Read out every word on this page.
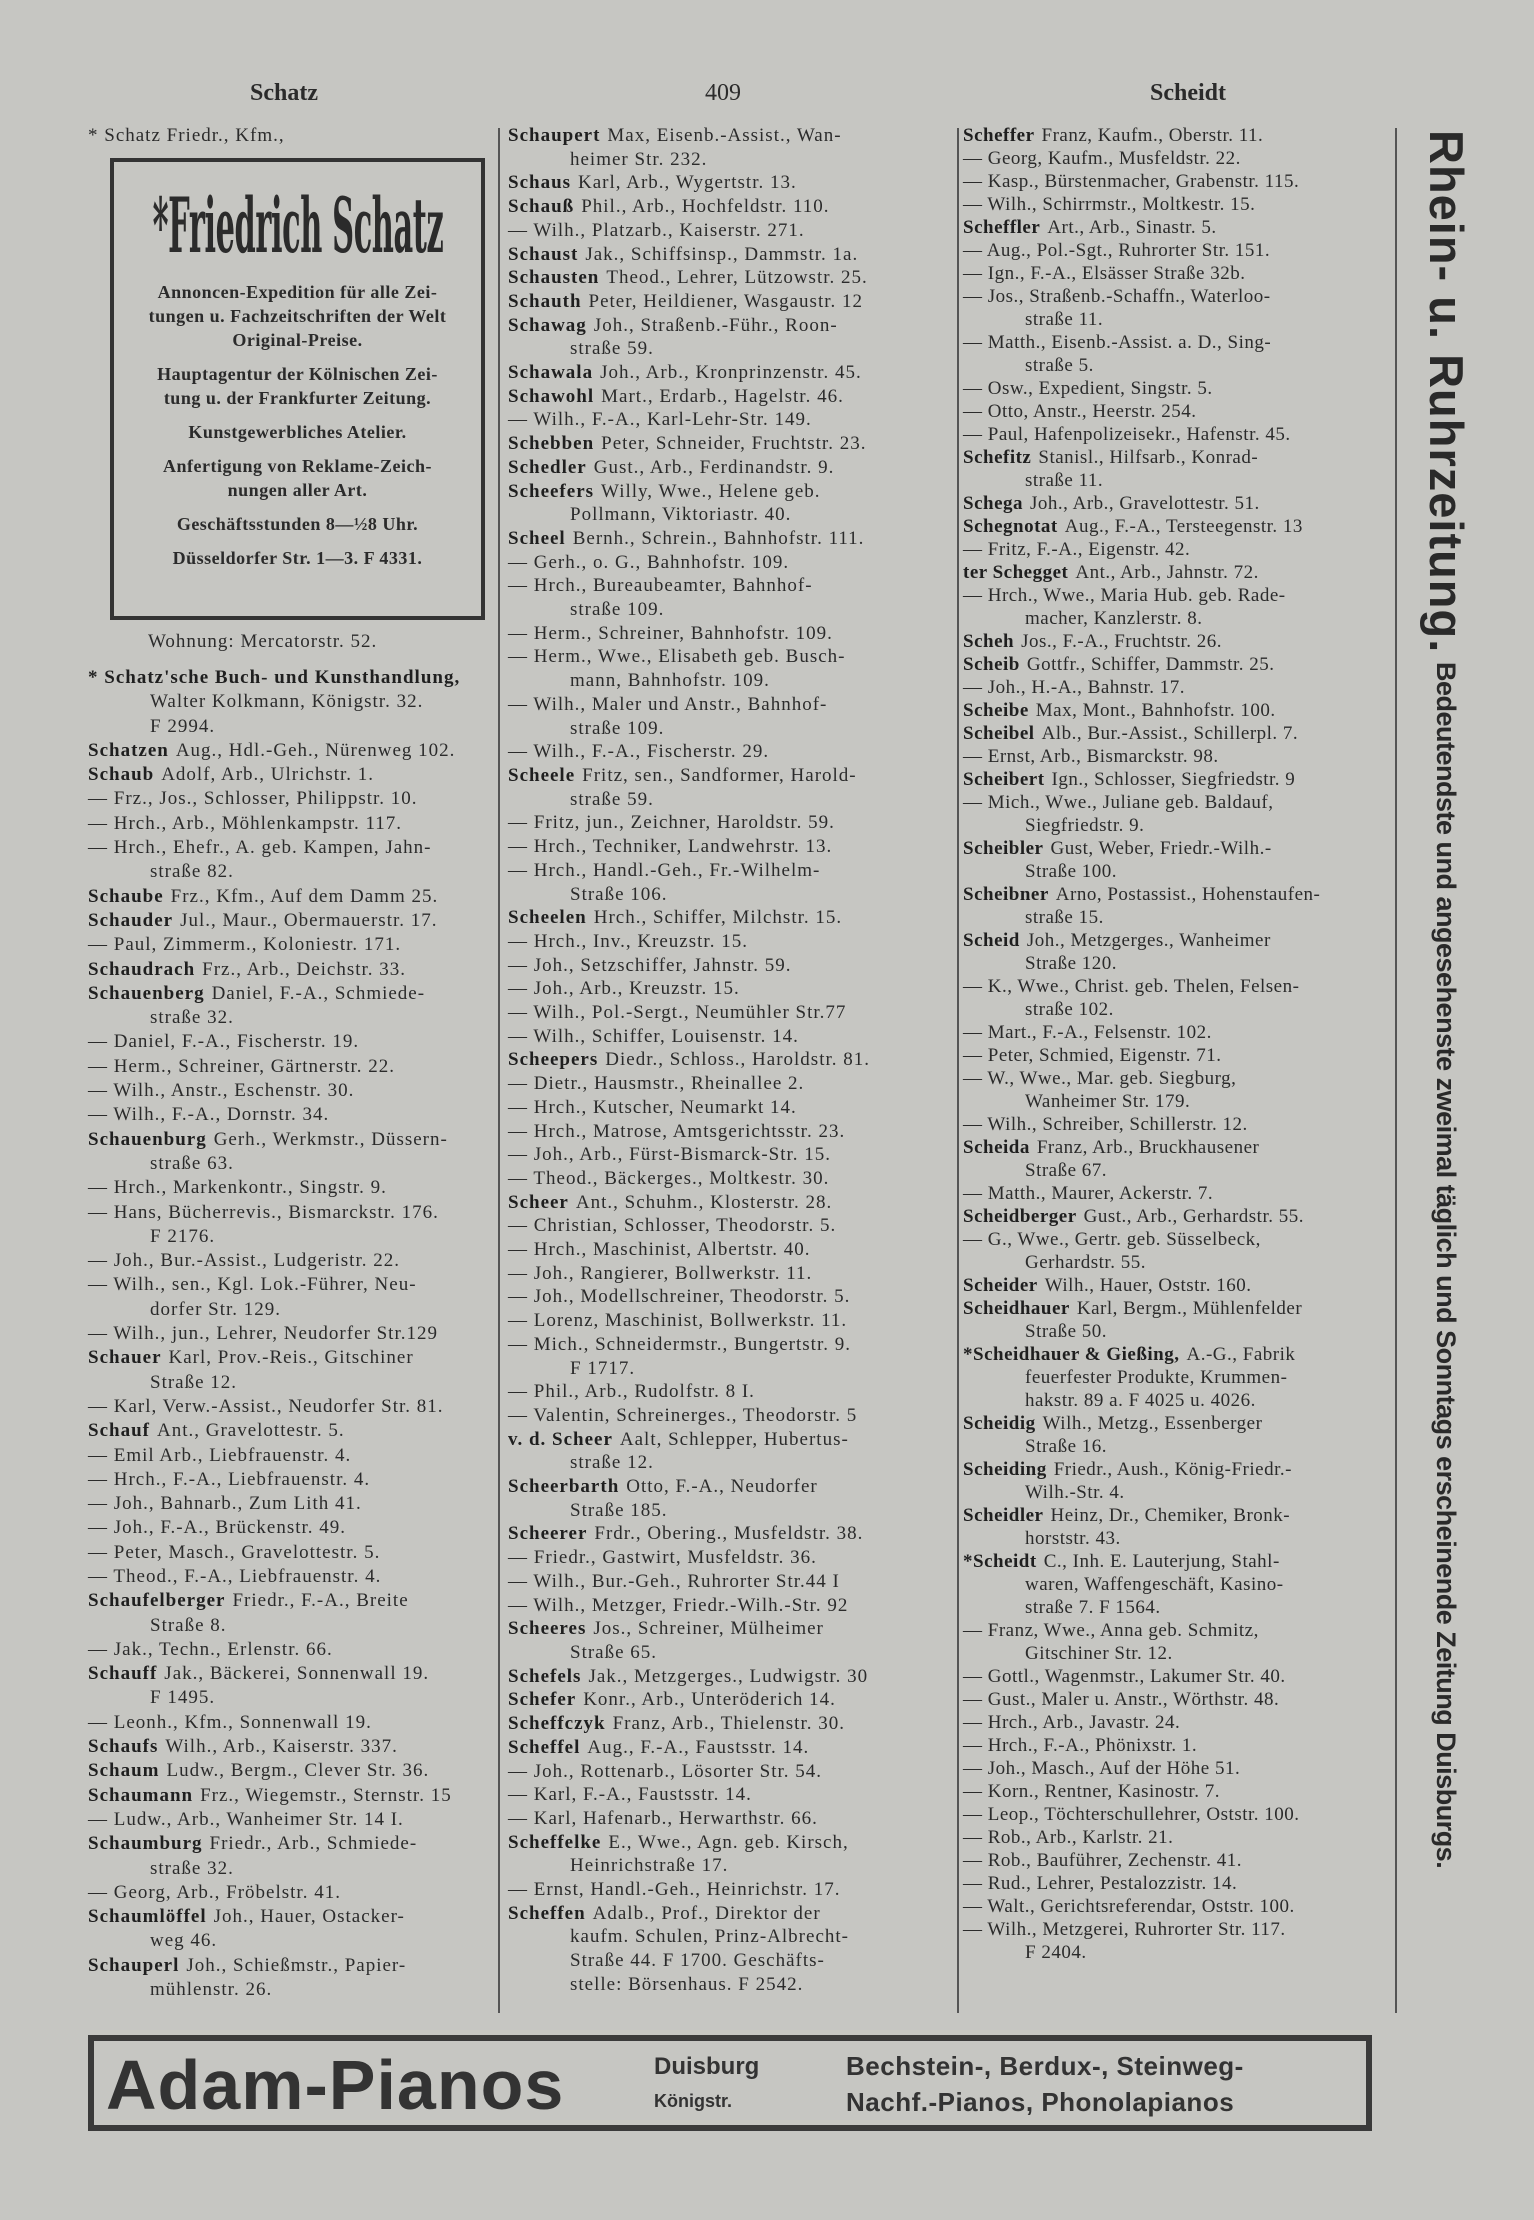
Schatz	409	Scheidt
* Schatz Friedr., Kfm.,
*Friedrich Schatz
Annoncen-Expedition für alle Zei-
tungen u. Fachzeitschriften der Welt
Original-Preise.
Hauptagentur der Kölnischen Zei-
tung u. der Frankfurter Zeitung.
Kunstgewerbliches Atelier.
Anfertigung von Reklame-Zeich-
nungen aller Art.
Geschäftsstunden 8—½8 Uhr.
Düsseldorfer Str. 1—3. F 4331.
Wohnung: Mercatorstr. 52.
* Schatz'sche Buch- und Kunsthandlung,
Walter Kolkmann, Königstr. 32.
F 2994.
Schatzen Aug., Hdl.-Geh., Nürenweg 102.
Schaub Adolf, Arb., Ulrichstr. 1.
— Frz., Jos., Schlosser, Philippstr. 10.
— Hrch., Arb., Möhlenkampstr. 117.
— Hrch., Ehefr., A. geb. Kampen, Jahn-
straße 82.
Schaube Frz., Kfm., Auf dem Damm 25.
Schauder Jul., Maur., Obermauerstr. 17.
— Paul, Zimmerm., Koloniestr. 171.
Schaudrach Frz., Arb., Deichstr. 33.
Schauenberg Daniel, F.-A., Schmiede-
straße 32.
— Daniel, F.-A., Fischerstr. 19.
— Herm., Schreiner, Gärtnerstr. 22.
— Wilh., Anstr., Eschenstr. 30.
— Wilh., F.-A., Dornstr. 34.
Schauenburg Gerh., Werkmstr., Düssern-
straße 63.
— Hrch., Markenkontr., Singstr. 9.
— Hans, Bücherrevis., Bismarckstr. 176.
F 2176.
— Joh., Bur.-Assist., Ludgeristr. 22.
— Wilh., sen., Kgl. Lok.-Führer, Neu-
dorfer Str. 129.
— Wilh., jun., Lehrer, Neudorfer Str.129
Schauer Karl, Prov.-Reis., Gitschiner
Straße 12.
— Karl, Verw.-Assist., Neudorfer Str. 81.
Schauf Ant., Gravelottestr. 5.
— Emil Arb., Liebfrauenstr. 4.
— Hrch., F.-A., Liebfrauenstr. 4.
— Joh., Bahnarb., Zum Lith 41.
— Joh., F.-A., Brückenstr. 49.
— Peter, Masch., Gravelottestr. 5.
— Theod., F.-A., Liebfrauenstr. 4.
Schaufelberger Friedr., F.-A., Breite
Straße 8.
— Jak., Techn., Erlenstr. 66.
Schauff Jak., Bäckerei, Sonnenwall 19.
F 1495.
— Leonh., Kfm., Sonnenwall 19.
Schaufs Wilh., Arb., Kaiserstr. 337.
Schaum Ludw., Bergm., Clever Str. 36.
Schaumann Frz., Wiegemstr., Sternstr. 15
— Ludw., Arb., Wanheimer Str. 14 I.
Schaumburg Friedr., Arb., Schmiede-
straße 32.
— Georg, Arb., Fröbelstr. 41.
Schaumlöffel Joh., Hauer, Ostacker-
weg 46.
Schauperl Joh., Schießmstr., Papier-
mühlenstr. 26.
Schaupert Max, Eisenb.-Assist., Wan-
heimer Str. 232.
Schaus Karl, Arb., Wygertstr. 13.
Schauß Phil., Arb., Hochfeldstr. 110.
— Wilh., Platzarb., Kaiserstr. 271.
Schaust Jak., Schiffsinsp., Dammstr. 1a.
Schausten Theod., Lehrer, Lützowstr. 25.
Schauth Peter, Heildiener, Wasgaustr. 12
Schawag Joh., Straßenb.-Führ., Roon-
straße 59.
Schawala Joh., Arb., Kronprinzenstr. 45.
Schawohl Mart., Erdarb., Hagelstr. 46.
— Wilh., F.-A., Karl-Lehr-Str. 149.
Schebben Peter, Schneider, Fruchtstr. 23.
Schedler Gust., Arb., Ferdinandstr. 9.
Scheefers Willy, Wwe., Helene geb.
Pollmann, Viktoriastr. 40.
Scheel Bernh., Schrein., Bahnhofstr. 111.
— Gerh., o. G., Bahnhofstr. 109.
— Hrch., Bureaubeamter, Bahnhof-
straße 109.
— Herm., Schreiner, Bahnhofstr. 109.
— Herm., Wwe., Elisabeth geb. Busch-
mann, Bahnhofstr. 109.
— Wilh., Maler und Anstr., Bahnhof-
straße 109.
— Wilh., F.-A., Fischerstr. 29.
Scheele Fritz, sen., Sandformer, Harold-
straße 59.
— Fritz, jun., Zeichner, Haroldstr. 59.
— Hrch., Techniker, Landwehrstr. 13.
— Hrch., Handl.-Geh., Fr.-Wilhelm-
Straße 106.
Scheelen Hrch., Schiffer, Milchstr. 15.
— Hrch., Inv., Kreuzstr. 15.
— Joh., Setzschiffer, Jahnstr. 59.
— Joh., Arb., Kreuzstr. 15.
— Wilh., Pol.-Sergt., Neumühler Str.77
— Wilh., Schiffer, Louisenstr. 14.
Scheepers Diedr., Schloss., Haroldstr. 81.
— Dietr., Hausmstr., Rheinallee 2.
— Hrch., Kutscher, Neumarkt 14.
— Hrch., Matrose, Amtsgerichtsstr. 23.
— Joh., Arb., Fürst-Bismarck-Str. 15.
— Theod., Bäckerges., Moltkestr. 30.
Scheer Ant., Schuhm., Klosterstr. 28.
— Christian, Schlosser, Theodorstr. 5.
— Hrch., Maschinist, Albertstr. 40.
— Joh., Rangierer, Bollwerkstr. 11.
— Joh., Modellschreiner, Theodorstr. 5.
— Lorenz, Maschinist, Bollwerkstr. 11.
— Mich., Schneidermstr., Bungertstr. 9.
F 1717.
— Phil., Arb., Rudolfstr. 8 I.
— Valentin, Schreinerges., Theodorstr. 5
v. d. Scheer Aalt, Schlepper, Hubertus-
straße 12.
Scheerbarth Otto, F.-A., Neudorfer
Straße 185.
Scheerer Frdr., Obering., Musfeldstr. 38.
— Friedr., Gastwirt, Musfeldstr. 36.
— Wilh., Bur.-Geh., Ruhrorter Str.44 I
— Wilh., Metzger, Friedr.-Wilh.-Str. 92
Scheeres Jos., Schreiner, Mülheimer
Straße 65.
Schefels Jak., Metzgerges., Ludwigstr. 30
Schefer Konr., Arb., Unteröderich 14.
Scheffczyk Franz, Arb., Thielenstr. 30.
Scheffel Aug., F.-A., Faustsstr. 14.
— Joh., Rottenarb., Lösorter Str. 54.
— Karl, F.-A., Faustsstr. 14.
— Karl, Hafenarb., Herwarthstr. 66.
Scheffelke E., Wwe., Agn. geb. Kirsch,
Heinrichstraße 17.
— Ernst, Handl.-Geh., Heinrichstr. 17.
Scheffen Adalb., Prof., Direktor der
kaufm. Schulen, Prinz-Albrecht-
Straße 44. F 1700. Geschäfts-
stelle: Börsenhaus. F 2542.
Scheffer Franz, Kaufm., Oberstr. 11.
— Georg, Kaufm., Musfeldstr. 22.
— Kasp., Bürstenmacher, Grabenstr. 115.
— Wilh., Schirrmstr., Moltkestr. 15.
Scheffler Art., Arb., Sinastr. 5.
— Aug., Pol.-Sgt., Ruhrorter Str. 151.
— Ign., F.-A., Elsässer Straße 32b.
— Jos., Straßenb.-Schaffn., Waterloo-
straße 11.
— Matth., Eisenb.-Assist. a. D., Sing-
straße 5.
— Osw., Expedient, Singstr. 5.
— Otto, Anstr., Heerstr. 254.
— Paul, Hafenpolizeisekr., Hafenstr. 45.
Schefitz Stanisl., Hilfsarb., Konrad-
straße 11.
Schega Joh., Arb., Gravelottestr. 51.
Schegnotat Aug., F.-A., Tersteegenstr. 13
— Fritz, F.-A., Eigenstr. 42.
ter Schegget Ant., Arb., Jahnstr. 72.
— Hrch., Wwe., Maria Hub. geb. Rade-
macher, Kanzlerstr. 8.
Scheh Jos., F.-A., Fruchtstr. 26.
Scheib Gottfr., Schiffer, Dammstr. 25.
— Joh., H.-A., Bahnstr. 17.
Scheibe Max, Mont., Bahnhofstr. 100.
Scheibel Alb., Bur.-Assist., Schillerpl. 7.
— Ernst, Arb., Bismarckstr. 98.
Scheibert Ign., Schlosser, Siegfriedstr. 9
— Mich., Wwe., Juliane geb. Baldauf,
Siegfriedstr. 9.
Scheibler Gust, Weber, Friedr.-Wilh.-
Straße 100.
Scheibner Arno, Postassist., Hohenstaufen-
straße 15.
Scheid Joh., Metzgerges., Wanheimer
Straße 120.
— K., Wwe., Christ. geb. Thelen, Felsen-
straße 102.
— Mart., F.-A., Felsenstr. 102.
— Peter, Schmied, Eigenstr. 71.
— W., Wwe., Mar. geb. Siegburg,
Wanheimer Str. 179.
— Wilh., Schreiber, Schillerstr. 12.
Scheida Franz, Arb., Bruckhausener
Straße 67.
— Matth., Maurer, Ackerstr. 7.
Scheidberger Gust., Arb., Gerhardstr. 55.
— G., Wwe., Gertr. geb. Süsselbeck,
Gerhardstr. 55.
Scheider Wilh., Hauer, Oststr. 160.
Scheidhauer Karl, Bergm., Mühlenfelder
Straße 50.
*Scheidhauer & Gießing, A.-G., Fabrik
feuerfester Produkte, Krummen-
hakstr. 89 a. F 4025 u. 4026.
Scheidig Wilh., Metzg., Essenberger
Straße 16.
Scheiding Friedr., Aush., König-Friedr.-
Wilh.-Str. 4.
Scheidler Heinz, Dr., Chemiker, Bronk-
horststr. 43.
*Scheidt C., Inh. E. Lauterjung, Stahl-
waren, Waffengeschäft, Kasino-
straße 7. F 1564.
— Franz, Wwe., Anna geb. Schmitz,
Gitschiner Str. 12.
— Gottl., Wagenmstr., Lakumer Str. 40.
— Gust., Maler u. Anstr., Wörthstr. 48.
— Hrch., Arb., Javastr. 24.
— Hrch., F.-A., Phönixstr. 1.
— Joh., Masch., Auf der Höhe 51.
— Korn., Rentner, Kasinostr. 7.
— Leop., Töchterschullehrer, Oststr. 100.
— Rob., Arb., Karlstr. 21.
— Rob., Bauführer, Zechenstr. 41.
— Rud., Lehrer, Pestalozzistr. 14.
— Walt., Gerichtsreferendar, Oststr. 100.
— Wilh., Metzgerei, Ruhrorter Str. 117.
F 2404.
Rhein- u. Ruhrzeitung. Bedeutendste und angesehenste zweimal täglich und Sonntags erscheinende Zeitung Duisburgs.
Adam-Pianos	Duisburg
Königstr.
Bechstein-, Berdux-, Steinweg-
Nachf.-Pianos, Phonolapianos
